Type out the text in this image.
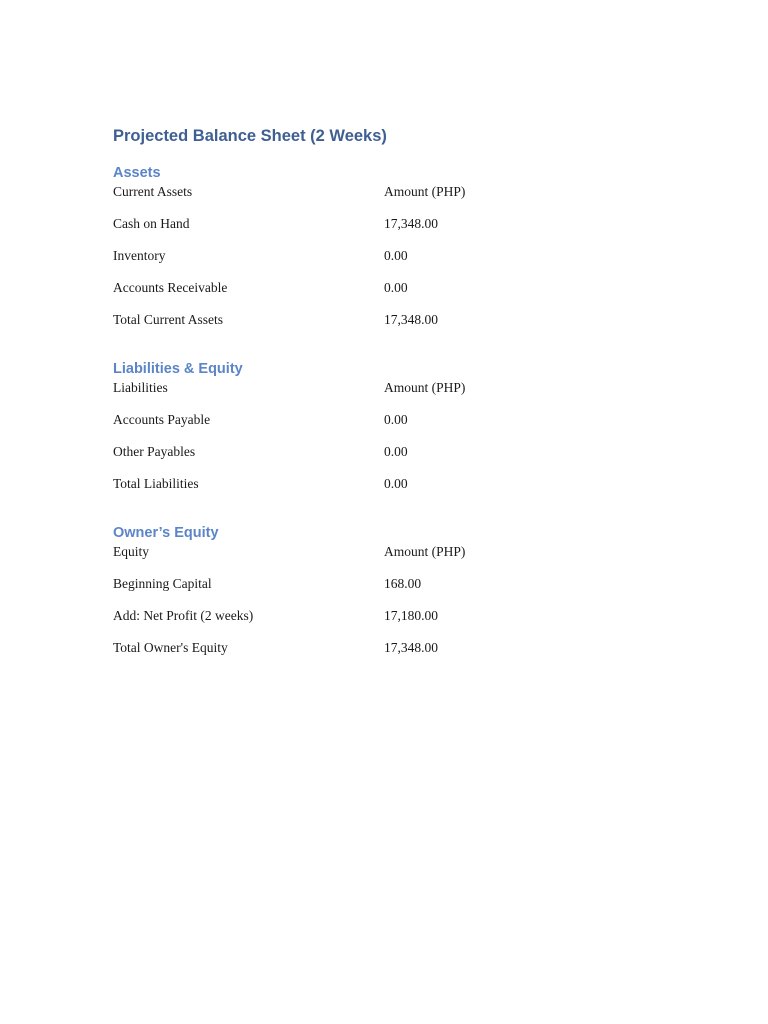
Projected Balance Sheet (2 Weeks)
Assets
Current Assets	Amount (PHP)
Cash on Hand	17,348.00
Inventory	0.00
Accounts Receivable	0.00
Total Current Assets	17,348.00
Liabilities & Equity
Liabilities	Amount (PHP)
Accounts Payable	0.00
Other Payables	0.00
Total Liabilities	0.00
Owner’s Equity
Equity	Amount (PHP)
Beginning Capital	168.00
Add: Net Profit (2 weeks)	17,180.00
Total Owner's Equity	17,348.00
